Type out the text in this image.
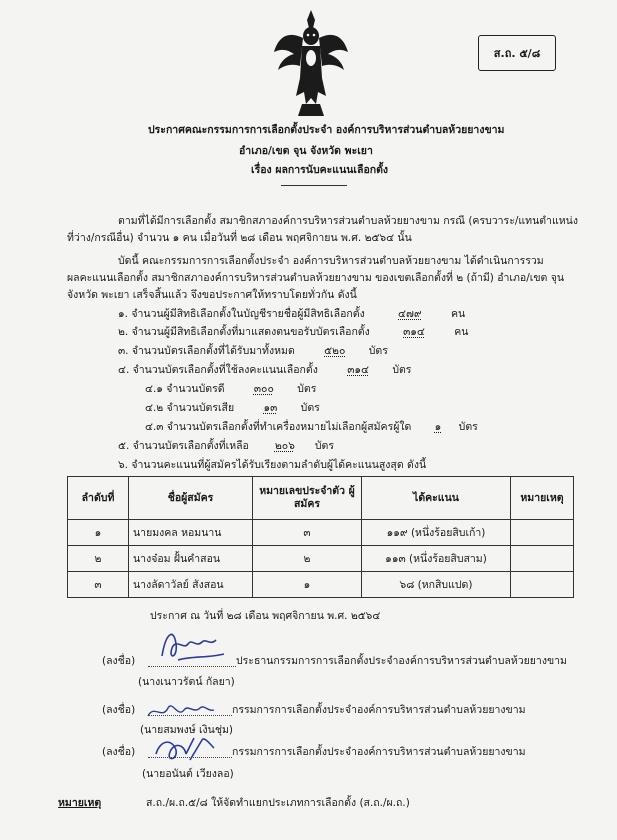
ส.ถ. ๕/๘
ประกาศคณะกรรมการการเลือกตั้งประจำ องค์การบริหารส่วนตำบลห้วยยางขาม
อำเภอ/เขต จุน จังหวัด พะเยา
เรื่อง ผลการนับคะแนนเลือกตั้ง
ตามที่ได้มีการเลือกตั้ง สมาชิกสภาองค์การบริหารส่วนตำบลห้วยยางขาม กรณี (ครบวาระ/แทนตำแหน่ง
ที่ว่าง/กรณีอื่น) จำนวน ๑ คน เมื่อวันที่ ๒๘ เดือน พฤศจิกายน พ.ศ. ๒๕๖๔ นั้น
บัดนี้ คณะกรรมการการเลือกตั้งประจำ องค์การบริหารส่วนตำบลห้วยยางขาม ได้ดำเนินการรวม
ผลคะแนนเลือกตั้ง สมาชิกสภาองค์การบริหารส่วนตำบลห้วยยางขาม ของเขตเลือกตั้งที่ ๒ (ถ้ามี) อำเภอ/เขต จุน
จังหวัด พะเยา เสร็จสิ้นแล้ว จึงขอประกาศให้ทราบโดยทั่วกัน ดังนี้
๑. จำนวนผู้มีสิทธิเลือกตั้งในบัญชีรายชื่อผู้มีสิทธิเลือกตั้ง	๔๗๙	คน
๒. จำนวนผู้มีสิทธิเลือกตั้งที่มาแสดงตนขอรับบัตรเลือกตั้ง	๓๑๔	คน
๓. จำนวนบัตรเลือกตั้งที่ได้รับมาทั้งหมด	๕๒๐ บัตร
๔. จำนวนบัตรเลือกตั้งที่ใช้ลงคะแนนเลือกตั้ง	๓๑๔ บัตร
๔.๑ จำนวนบัตรดี	๓๐๐ บัตร
๔.๒ จำนวนบัตรเสีย	๑๓ บัตร
๔.๓ จำนวนบัตรเลือกตั้งที่ทำเครื่องหมายไม่เลือกผู้สมัครผู้ใด ๑ บัตร
ลำดับที่	ชื่อผู้สมัคร	หมายเลขประจำตัว ผู้สมัคร	ได้คะแนน	หมายเหตุ
๑	นายมงคล หอมนาน	๓	๑๑๙ (หนึ่งร้อยสิบเก้า)	
๒	นางจ๋อม ฝั้นคำสอน	๒	๑๑๓ (หนึ่งร้อยสิบสาม)	
๓	นางลัดาวัลย์ สังสอน	๑	๖๘ (หกสิบแปด)	
ประกาศ ณ วันที่ ๒๘ เดือน พฤศจิกายน พ.ศ. ๒๕๖๔
(ลงชื่อ)	ประธานกรรมการการเลือกตั้งประจำองค์การบริหารส่วนตำบลห้วยยางขาม
(นางเนาวรัตน์ กัลยา)
(ลงชื่อ)	กรรมการการเลือกตั้งประจำองค์การบริหารส่วนตำบลห้วยยางขาม
(นายสมพงษ์ เงินชุ่ม)
(ลงชื่อ)	กรรมการการเลือกตั้งประจำองค์การบริหารส่วนตำบลห้วยยางขาม
(นายอนันต์ เวียงลอ)
หมายเหตุ	ส.ถ./ผ.ถ.๕/๘ ให้จัดทำแยกประเภทการเลือกตั้ง (ส.ถ./ผ.ถ.)
๕. จำนวนบัตรเลือกตั้งที่เหลือ ๒๐๖ บัตร
๖. จำนวนคะแนนที่ผู้สมัครได้รับเรียงตามลำดับผู้ได้คะแนนสูงสุด ดังนี้
